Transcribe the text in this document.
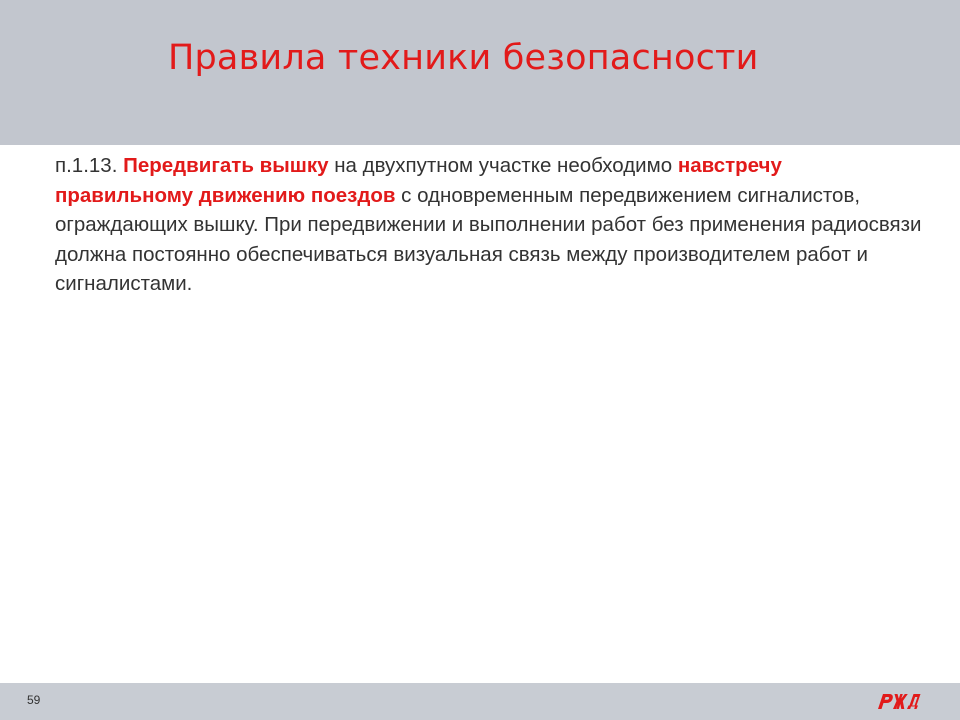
Правила техники безопасности

п.1.13. Передвигать вышку на двухпутном участке необходимо навстречу правильному движению поездов с одновременным передвижением сигналистов, ограждающих вышку. При передвижении и выполнении работ без применения радиосвязи должна постоянно обеспечиваться визуальная связь между производителем работ и сигналистами.

59
